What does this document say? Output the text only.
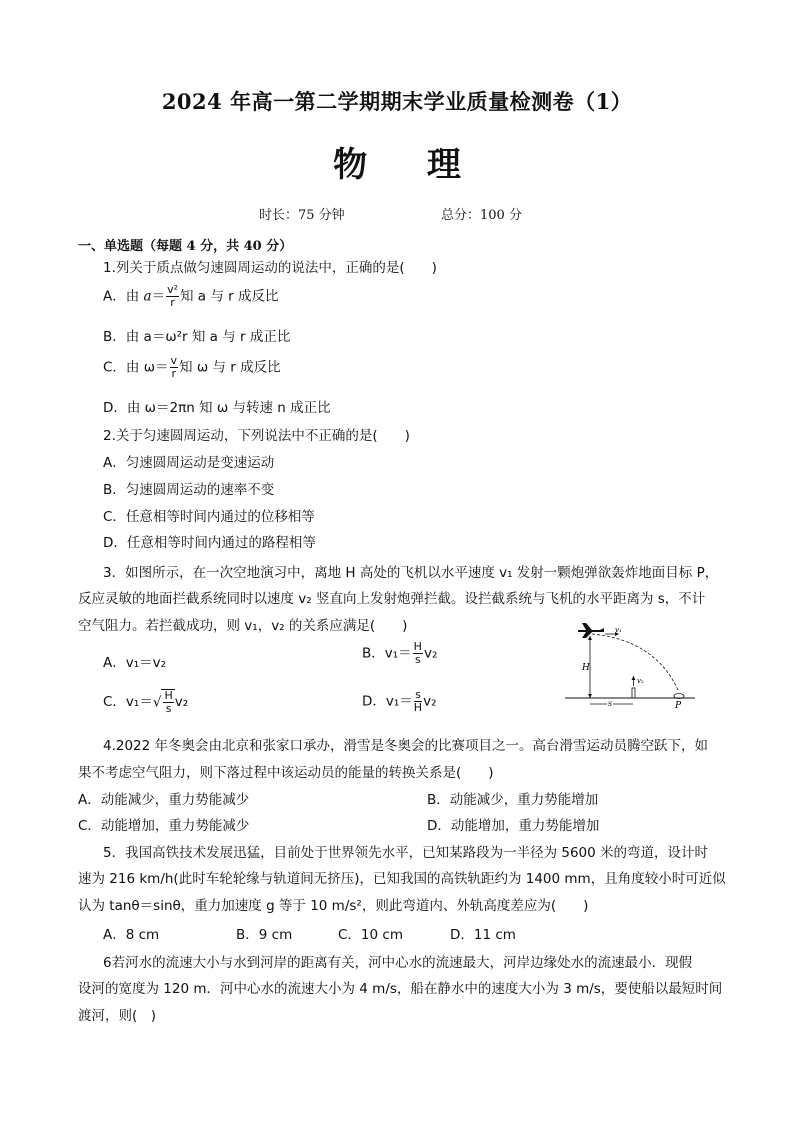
2024 年高一第二学期期末学业质量检测卷（1）
物 理
时长：75 分钟	总分：100 分
一、单选题（每题 4 分，共 40 分）
1.列关于质点做匀速圆周运动的说法中，正确的是(　　)
A．由 $a= \frac{\text{v²}}{r}$ 知 a 与 r 成反比
B．由 a＝ω²r 知 a 与 r 成正比
C．由 $\omega= \frac{v}{r}$ 知 ω 与 r 成反比
D．由 ω＝2πn 知 ω 与转速 n 成正比
2.关于匀速圆周运动，下列说法中不正确的是(　　)
A．匀速圆周运动是变速运动
B．匀速圆周运动的速率不变
C．任意相等时间内通过的位移相等
D．任意相等时间内通过的路程相等
3．如图所示，在一次空地演习中，离地 H 高处的飞机以水平速度 v₁ 发射一颗炮弹欲轰炸地面目标 P，
反应灵敏的地面拦截系统同时以速度 v₂ 竖直向上发射炮弹拦截。设拦截系统与飞机的水平距离为 s，不计
空气阻力。若拦截成功，则 v₁，v₂ 的关系应满足(　　)
A．v₁＝v₂
B．$v_1= \frac{H}{s} v_2$
C．$v_1=√ \frac{H}{s} v_2$	D．$v_1= \frac{s}{H} v_2$
v₁
H
v₂
s	P
4.2022 年冬奥会由北京和张家口承办，滑雪是冬奥会的比赛项目之一。高台滑雪运动员腾空跃下，如
果不考虑空气阻力，则下落过程中该运动员的能量的转换关系是(　　)
A．动能减少，重力势能减少	B．动能减少，重力势能增加
C．动能增加，重力势能减少	D．动能增加，重力势能增加
5．我国高铁技术发展迅猛，目前处于世界领先水平，已知某路段为一半径为 5600 米的弯道，设计时
速为 216 km/h(此时车轮轮缘与轨道间无挤压)，已知我国的高铁轨距约为 1400 mm，且角度较小时可近似
认为 tanθ＝sinθ，重力加速度 g 等于 10 m/s²，则此弯道内、外轨高度差应为(　　)
A．8 cm	B．9 cm	C．10 cm	D．11 cm
6若河水的流速大小与水到河岸的距离有关，河中心水的流速最大，河岸边缘处水的流速最小．现假
设河的宽度为 120 m．河中心水的流速大小为 4 m/s，船在静水中的速度大小为 3 m/s，要使船以最短时间
渡河，则(　)
